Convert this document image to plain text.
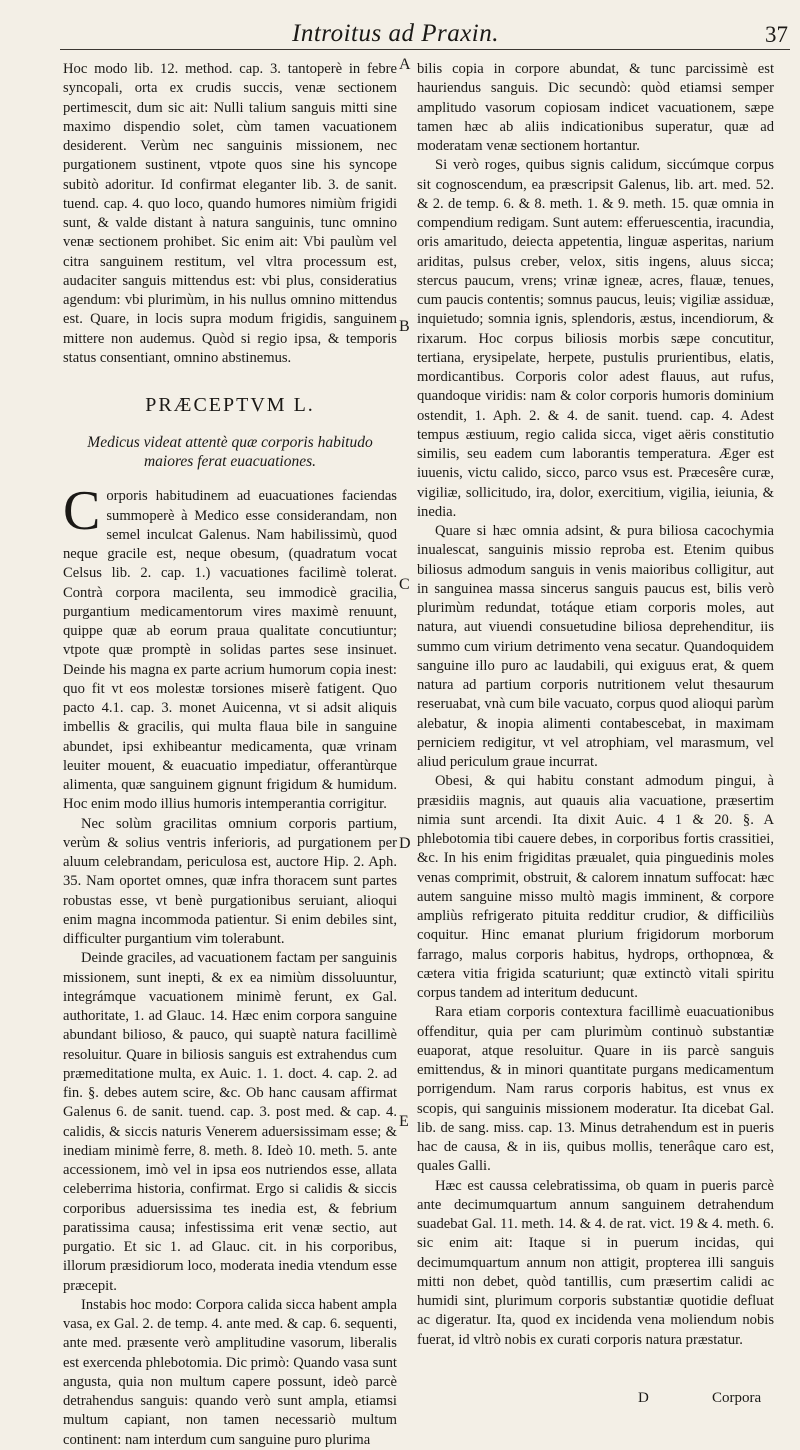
Introitus ad Praxin.	37

Hoc modo lib. 12. method. cap. 3. tantoperè in febre syncopali, orta ex crudis succis, venæ sectionem pertimescit, dum sic ait: Nulli talium sanguis mitti sine maximo dispendio solet, cùm tamen vacuationem desiderent. Verùm nec sanguinis missionem, nec purgationem sustinent, vtpote quos sine his syncope subitò adoritur. Id confirmat eleganter lib. 3. de sanit. tuend. cap. 4. quo loco, quando humores nimiùm frigidi sunt, & valde distant à natura sanguinis, tunc omnino venæ sectionem prohibet. Sic enim ait: Vbi paulùm vel citra sanguinem restitum, vel vltra processum est, audaciter sanguis mittendus est: vbi plus, consideratius agendum: vbi plurimùm, in his nullus omnino mittendus est. Quare, in locis supra modum frigidis, sanguinem mittere non audemus. Quòd si regio ipsa, & temporis status consentiant, omnino abstinemus.

PRÆCEPTVM L.
Medicus videat attentè quæ corporis habitudo maiores ferat euacuationes.

Corporis habitudinem ad euacuationes faciendas summoperè à Medico esse considerandam, non semel inculcat Galenus. Nam habilissimù, quod neque gracile est, neque obesum, (quadratum vocat Celsus lib. 2. cap. 1.) vacuationes facilimè tolerat. Contrà corpora macilenta, seu immodicè gracilia, purgantium medicamentorum vires maximè renuunt, quippe quæ ab eorum praua qualitate concutiuntur; vtpote quæ promptè in solidas partes sese insinuet. Deinde his magna ex parte acrium humorum copia inest: quo fit vt eos molestæ torsiones miserè fatigent. Quo pacto 4.1. cap. 3. monet Auicenna, vt si adsit aliquis imbellis & gracilis, qui multa flaua bile in sanguine abundet, ipsi exhibeantur medicamenta, quæ vrinam leuiter mouent, & euacuatio impediatur, offerantùrque alimenta, quæ sanguinem gignunt frigidum & humidum. Hoc enim modo illius humoris intemperantia corrigitur.

Nec solùm gracilitas omnium corporis partium, verùm & solius ventris inferioris, ad purgationem per aluum celebrandam, periculosa est, auctore Hip. 2. Aph. 35. Nam oportet omnes, quæ infra thoracem sunt partes robustas esse, vt benè purgationibus seruiant, alioqui enim magna incommoda patientur. Si enim debiles sint, difficulter purgantium vim tolerabunt.

Deinde graciles, ad vacuationem factam per sanguinis missionem, sunt inepti, & ex ea nimiùm dissoluuntur, integrámque vacuationem minimè ferunt, ex Gal. authoritate, 1. ad Glauc. 14. Hæc enim corpora sanguine abundant bilioso, & pauco, qui suaptè natura facillimè resoluitur. Quare in biliosis sanguis est extrahendus cum præmeditatione multa, ex Auic. 1. 1. doct. 4. cap. 2. ad fin. §. debes autem scire, &c. Ob hanc causam affirmat Galenus 6. de sanit. tuend. cap. 3. post med. & cap. 4. calidis, & siccis naturis Venerem aduersissimam esse; & inediam minimè ferre, 8. meth. 8. Ideò 10. meth. 5. ante accessionem, imò vel in ipsa eos nutriendos esse, allata celeberrima historia, confirmat. Ergo si calidis & siccis corporibus aduersissima tes inedia est, & febrium paratissima causa; infestissima erit venæ sectio, aut purgatio. Et sic 1. ad Glauc. cit. in his corporibus, illorum præsidiorum loco, moderata inedia vtendum esse præcepit.

Instabis hoc modo: Corpora calida sicca habent ampla vasa, ex Gal. 2. de temp. 4. ante med. & cap. 6. sequenti, ante med. præsente verò amplitudine vasorum, liberalis est exercenda phlebotomia. Dic primò: Quando vasa sunt angusta, quia non multum capere possunt, ideò parcè detrahendus sanguis: quando verò sunt ampla, etiamsi multum capiant, non tamen necessariò multum continent: nam interdum cum sanguine puro plurima

A
B
C
D
E

bilis copia in corpore abundat, & tunc parcissimè est hauriendus sanguis. Dic secundò: quòd etiamsi semper amplitudo vasorum copiosam indicet vacuationem, sæpe tamen hæc ab aliis indicationibus superatur, quæ ad moderatam venæ sectionem hortantur.

Si verò roges, quibus signis calidum, siccúmque corpus sit cognoscendum, ea præscripsit Galenus, lib. art. med. 52. & 2. de temp. 6. & 8. meth. 1. & 9. meth. 15. quæ omnia in compendium redigam. Sunt autem: efferuescentia, iracundia, oris amaritudo, deiecta appetentia, linguæ asperitas, narium ariditas, pulsus creber, velox, sitis ingens, aluus sicca; stercus paucum, vrens; vrinæ igneæ, acres, flauæ, tenues, cum paucis contentis; somnus paucus, leuis; vigiliæ assiduæ, inquietudo; somnia ignis, splendoris, æstus, incendiorum, & rixarum. Hoc corpus biliosis morbis sæpe concutitur, tertiana, erysipelate, herpete, pustulis prurientibus, elatis, mordicantibus. Corporis color adest flauus, aut rufus, quandoque viridis: nam & color corporis humoris dominium ostendit, 1. Aph. 2. & 4. de sanit. tuend. cap. 4. Adest tempus æstiuum, regio calida sicca, viget aëris constitutio similis, seu eadem cum laborantis temperatura. Æger est iuuenis, victu calido, sicco, parco vsus est. Præcesêre curæ, vigiliæ, sollicitudo, ira, dolor, exercitium, vigilia, ieiunia, & inedia.

Quare si hæc omnia adsint, & pura biliosa cacochymia inualescat, sanguinis missio reproba est. Etenim quibus biliosus admodum sanguis in venis maioribus colligitur, aut in sanguinea massa sincerus sanguis paucus est, bilis verò plurimùm redundat, totáque etiam corporis moles, aut natura, aut viuendi consuetudine biliosa deprehenditur, iis summo cum virium detrimento vena secatur. Quandoquidem sanguine illo puro ac laudabili, qui exiguus erat, & quem natura ad partium corporis nutritionem velut thesaurum reseruabat, vnà cum bile vacuato, corpus quod alioqui parùm alebatur, & inopia alimenti contabescebat, in maximam perniciem redigitur, vt vel atrophiam, vel marasmum, vel aliud periculum graue incurrat.

Obesi, & qui habitu constant admodum pingui, à præsidiis magnis, aut quauis alia vacuatione, præsertim nimia sunt arcendi. Ita dixit Auic. 4 1 & 20. §. A phlebotomia tibi cauere debes, in corporibus fortis crassitiei, &c. In his enim frigiditas præualet, quia pinguedinis moles venas comprimit, obstruit, & calorem innatum suffocat: hæc autem sanguine misso multò magis imminent, & corpore ampliùs refrigerato pituita redditur crudior, & difficiliùs coquitur. Hinc emanat plurium frigidorum morborum farrago, malus corporis habitus, hydrops, orthopnœa, & cætera vitia frigida scaturiunt; quæ extinctò vitali spiritu corpus tandem ad interitum deducunt.

Rara etiam corporis contextura facillimè euacuationibus offenditur, quia per cam plurimùm continuò substantiæ euaporat, atque resoluitur. Quare in iis parcè sanguis emittendus, & in minori quantitate purgans medicamentum porrigendum. Nam rarus corporis habitus, est vnus ex scopis, qui sanguinis missionem moderatur. Ita dicebat Gal. lib. de sang. miss. cap. 13. Minus detrahendum est in pueris hac de causa, & in iis, quibus mollis, tenerâque caro est, quales Galli.

Hæc est caussa celebratissima, ob quam in pueris parcè ante decimumquartum annum sanguinem detrahendum suadebat Gal. 11. meth. 14. & 4. de rat. vict. 19 & 4. meth. 6. sic enim ait: Itaque si in puerum incidas, qui decimumquartum annum non attigit, propterea illi sanguis mitti non debet, quòd tantillis, cum præsertim calidi ac humidi sint, plurimum corporis substantiæ quotidie defluat ac digeratur. Ita, quod ex incidenda vena moliendum nobis fuerat, id vltrò nobis ex curati corporis natura præstatur.

D	Corpora
